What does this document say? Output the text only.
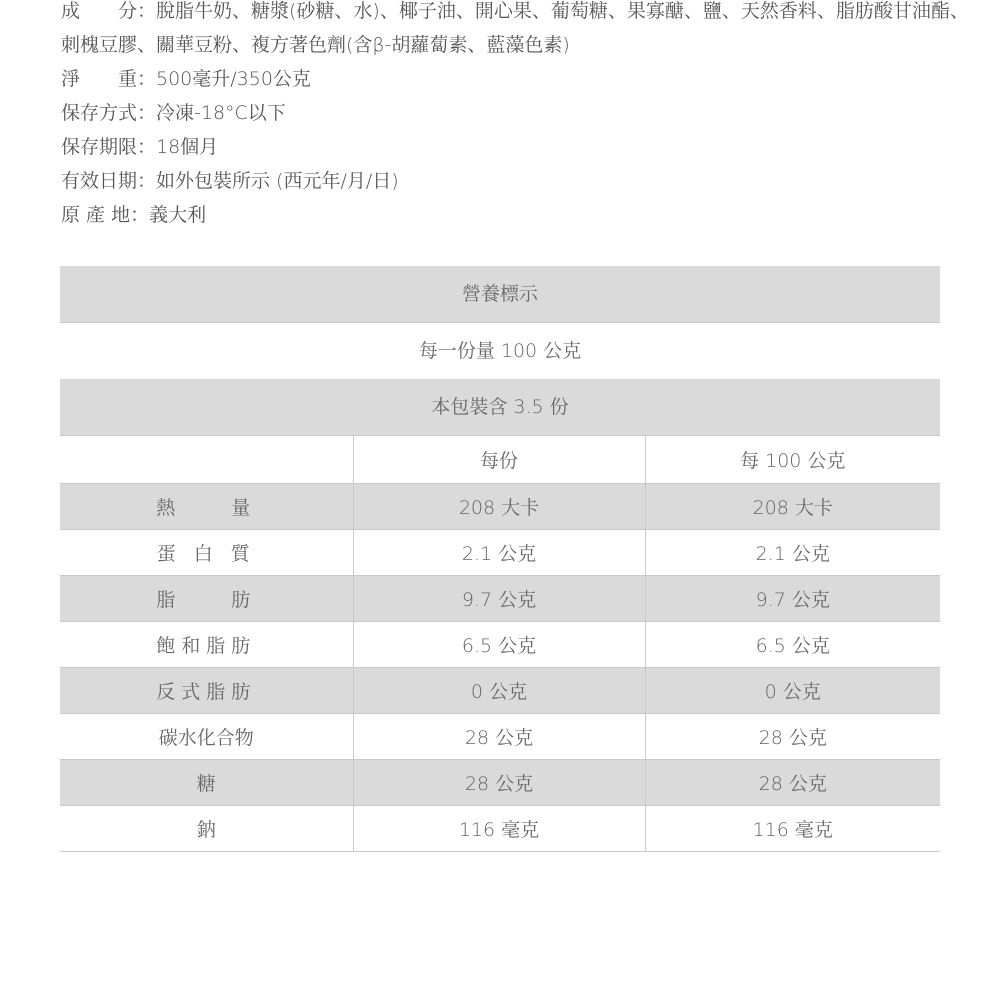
成　　分：脫脂牛奶、糖漿(砂糖、水)、椰子油、開心果、葡萄糖、果寡醣、鹽、天然香料、脂肪酸甘油酯、
刺槐豆膠、關華豆粉、複方著色劑(含β-胡蘿蔔素、藍藻色素)
淨　　重：500毫升/350公克
保存方式：冷凍-18°C以下
保存期限：18個月
有效日期：如外包裝所示 (西元年/月/日)
原 產 地：義大利
營養標示
每一份量 100 公克
本包裝含 3.5 份
	每份	每 100 公克
熱　　量	208 大卡	208 大卡
蛋 白 質	2.1 公克	2.1 公克
脂　　肪	9.7 公克	9.7 公克
飽和脂肪	6.5 公克	6.5 公克
反式脂肪	0 公克	0 公克
碳水化合物	28 公克	28 公克
糖	28 公克	28 公克
鈉	116 毫克	116 毫克
